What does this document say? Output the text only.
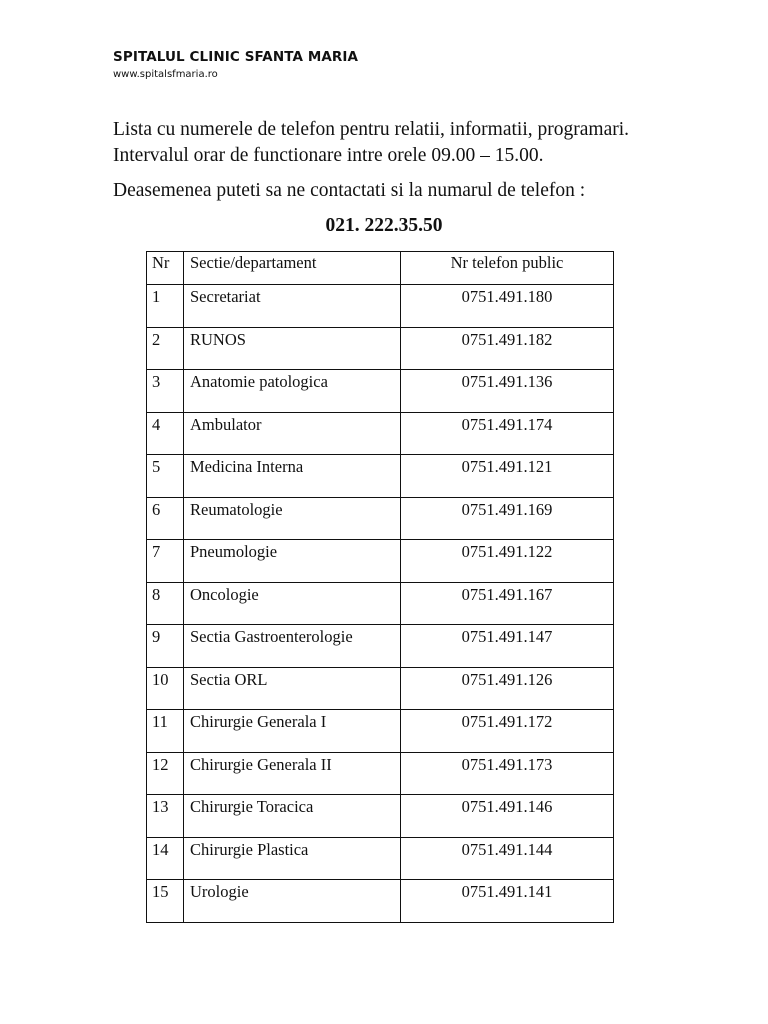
SPITALUL CLINIC SFANTA MARIA

www.spitalsfmaria.ro

Lista cu numerele de telefon pentru relatii, informatii, programari.

Intervalul orar de functionare intre orele 09.00 – 15.00.

Deasemenea puteti sa ne contactati si la numarul de telefon :

021. 222.35.50

Nr	Sectie/departament	Nr telefon public
1	Secretariat	0751.491.180
2	RUNOS	0751.491.182
3	Anatomie patologica	0751.491.136
4	Ambulator	0751.491.174
5	Medicina Interna	0751.491.121
6	Reumatologie	0751.491.169
7	Pneumologie	0751.491.122
8	Oncologie	0751.491.167
9	Sectia Gastroenterologie	0751.491.147
10	Sectia ORL	0751.491.126
11	Chirurgie Generala I	0751.491.172
12	Chirurgie Generala II	0751.491.173
13	Chirurgie Toracica	0751.491.146
14	Chirurgie Plastica	0751.491.144
15	Urologie	0751.491.141
